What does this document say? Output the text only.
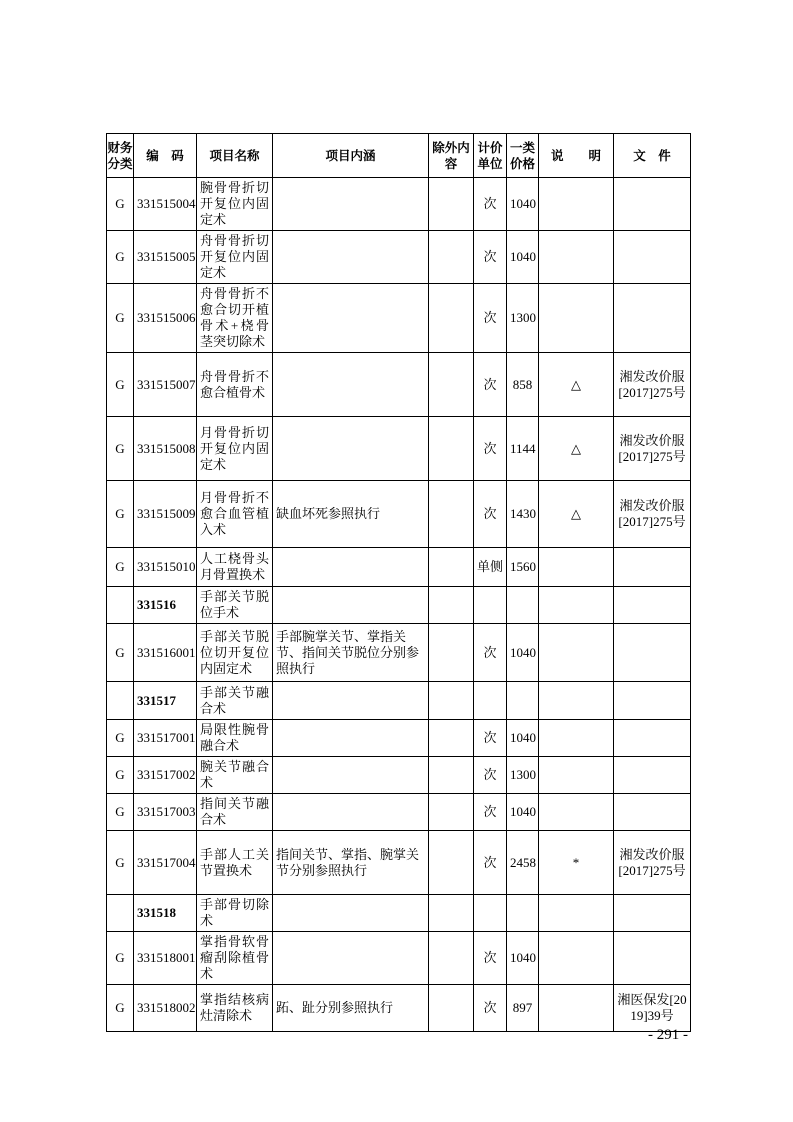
财务分类	编　码	项目名称	项目内涵	除外内容	计价单位	一类价格	说　　明	文　件
G	331515004	腕骨骨折切开复位内固定术			次	1040		
G	331515005	舟骨骨折切开复位内固定术			次	1040		
G	331515006	舟骨骨折不愈合切开植骨术+桡骨茎突切除术			次	1300		
G	331515007	舟骨骨折不愈合植骨术			次	858	△	湘发改价服[2017]275号
G	331515008	月骨骨折切开复位内固定术			次	1144	△	湘发改价服[2017]275号
G	331515009	月骨骨折不愈合血管植入术	缺血坏死参照执行		次	1430	△	湘发改价服[2017]275号
G	331515010	人工桡骨头月骨置换术			单侧	1560		
	331516	手部关节脱位手术						
G	331516001	手部关节脱位切开复位内固定术	手部腕掌关节、掌指关节、指间关节脱位分别参照执行		次	1040		
	331517	手部关节融合术						
G	331517001	局限性腕骨融合术			次	1040		
G	331517002	腕关节融合术			次	1300		
G	331517003	指间关节融合术			次	1040		
G	331517004	手部人工关节置换术	指间关节、掌指、腕掌关节分别参照执行		次	2458	*	湘发改价服[2017]275号
	331518	手部骨切除术						
G	331518001	掌指骨软骨瘤刮除植骨术			次	1040		
G	331518002	掌指结核病灶清除术	跖、趾分别参照执行		次	897		湘医保发[2019]39号
- 291 -
